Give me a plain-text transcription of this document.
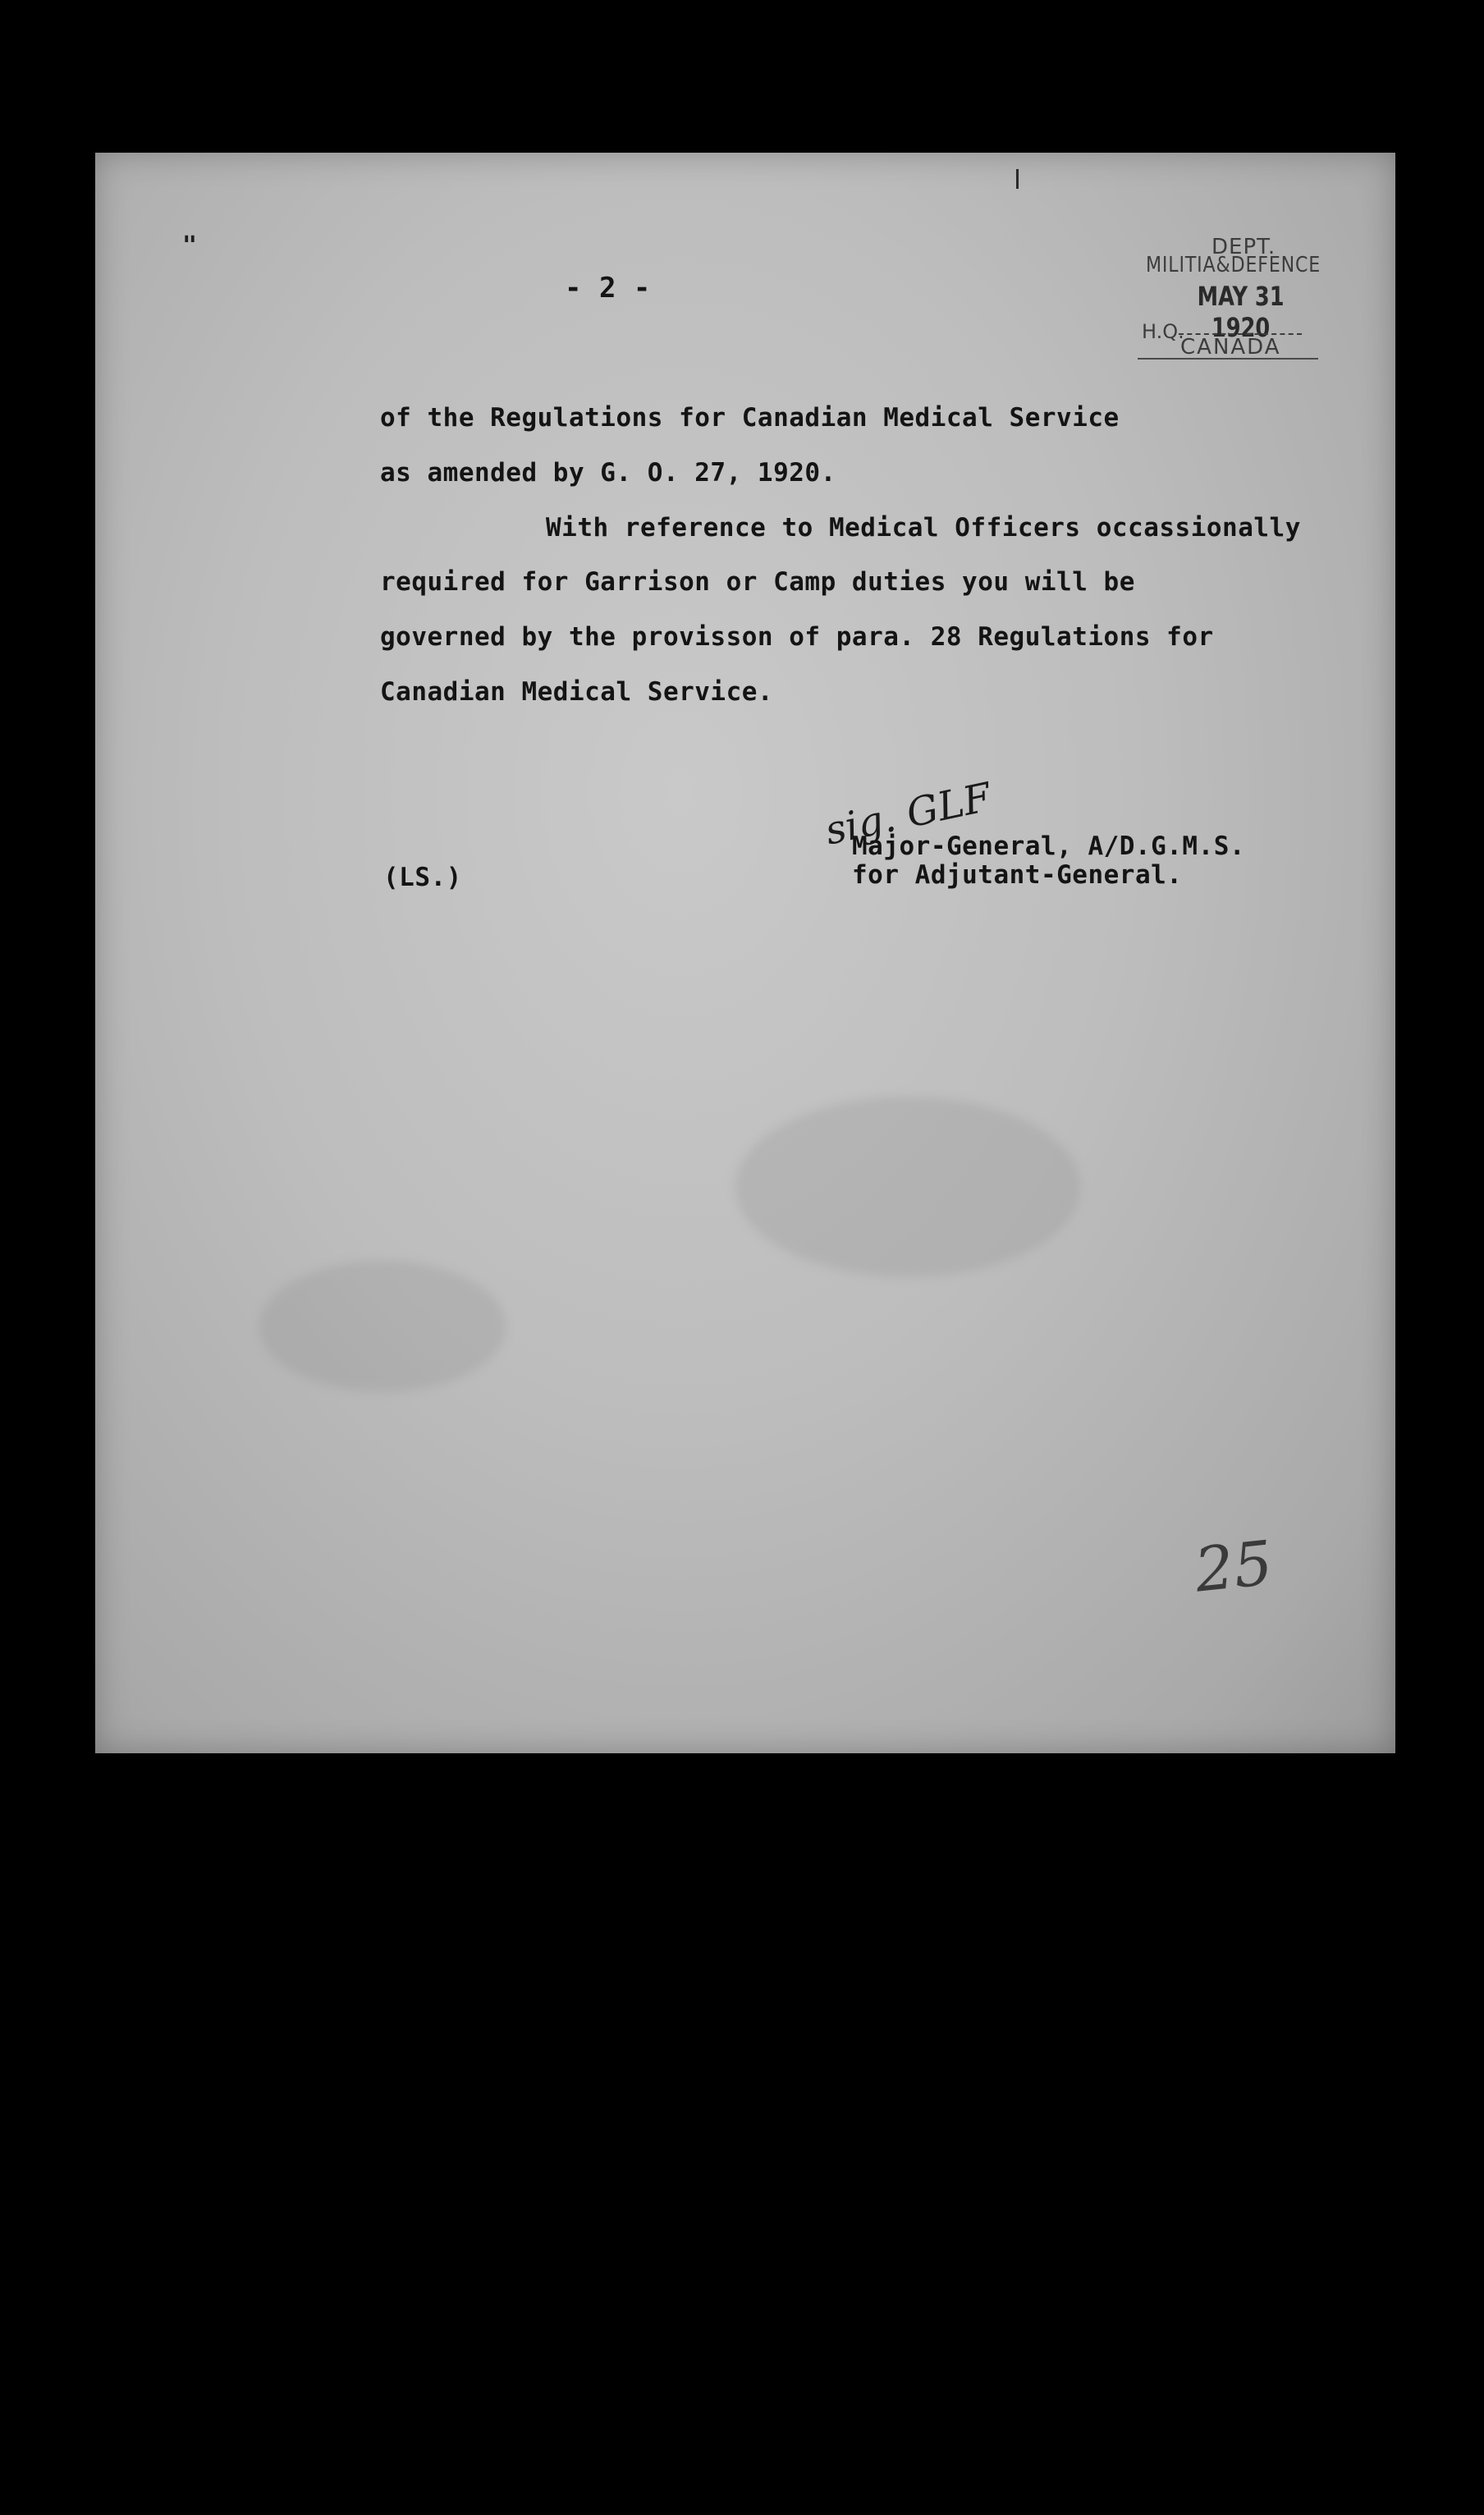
"
- 2 -
DEPT.
MILITIA&DEFENCE
MAY 31 1920
H.Q.
CANADA
of the Regulations for Canadian Medical Service
as amended by G. O. 27, 1920.
With reference to Medical Officers occassionally
required for Garrison or Camp duties you will be
governed by the provisson of para. 28 Regulations for
Canadian Medical Service.
(LS.)
sig. GLF
Major-General, A/D.G.M.S.
for Adjutant-General.
25
